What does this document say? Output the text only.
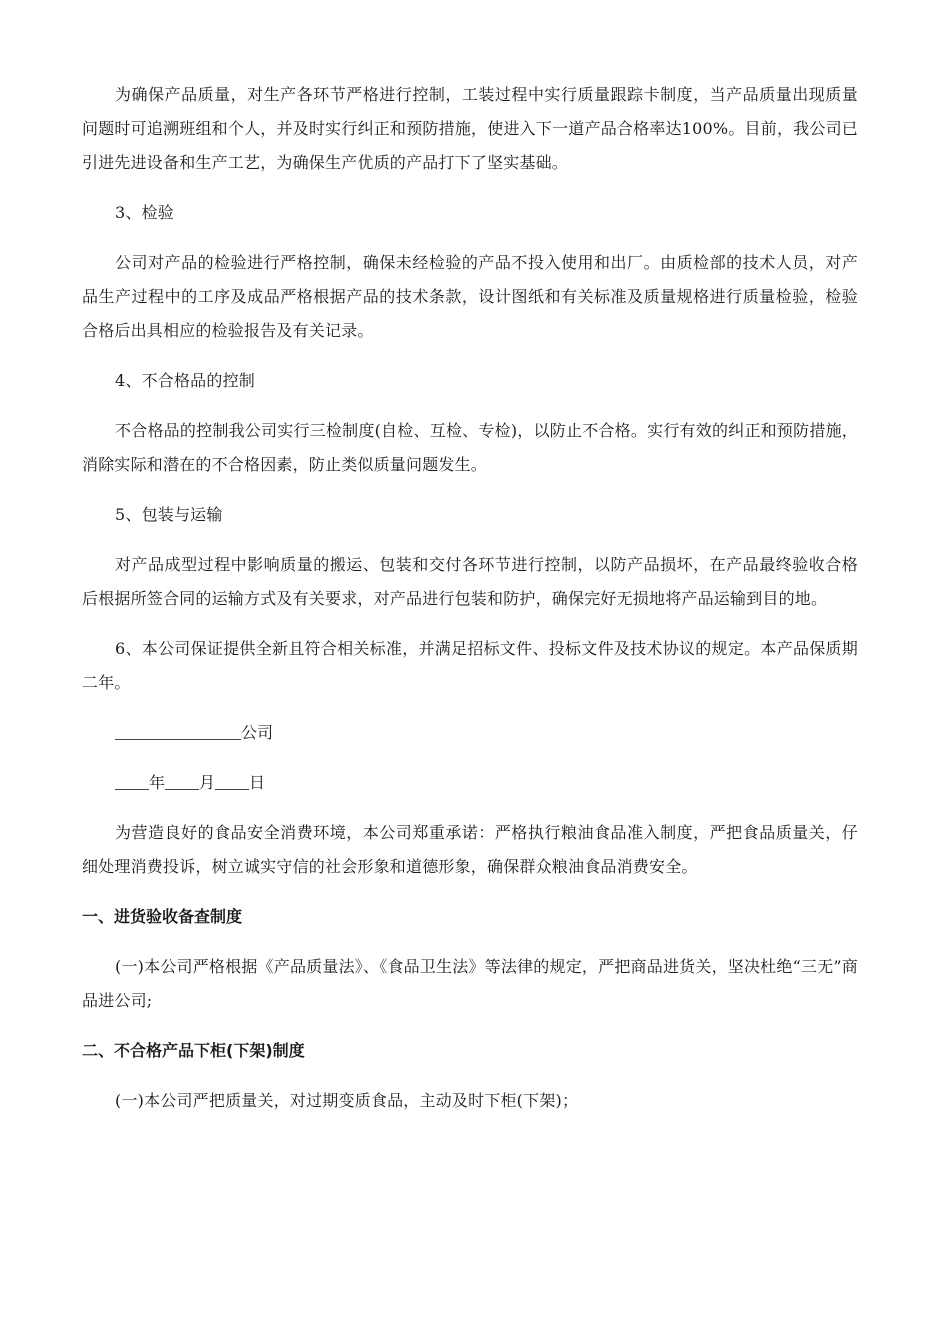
为确保产品质量，对生产各环节严格进行控制，工装过程中实行质量跟踪卡制度，当产品质量出现质量问题时可追溯班组和个人，并及时实行纠正和预防措施，使进入下一道产品合格率达100%。目前，我公司已引进先进设备和生产工艺，为确保生产优质的产品打下了坚实基础。

3、检验

公司对产品的检验进行严格控制，确保未经检验的产品不投入使用和出厂。由质检部的技术人员，对产品生产过程中的工序及成品严格根据产品的技术条款，设计图纸和有关标准及质量规格进行质量检验，检验合格后出具相应的检验报告及有关记录。

4、不合格品的控制

不合格品的控制我公司实行三检制度(自检、互检、专检)，以防止不合格。实行有效的纠正和预防措施，消除实际和潜在的不合格因素，防止类似质量问题发生。

5、包装与运输

对产品成型过程中影响质量的搬运、包装和交付各环节进行控制，以防产品损坏，在产品最终验收合格后根据所签合同的运输方式及有关要求，对产品进行包装和防护，确保完好无损地将产品运输到目的地。

6、本公司保证提供全新且符合相关标准，并满足招标文件、投标文件及技术协议的规定。本产品保质期二年。

公司
年 月 日

为营造良好的食品安全消费环境，本公司郑重承诺：严格执行粮油食品准入制度，严把食品质量关，仔细处理消费投诉，树立诚实守信的社会形象和道德形象，确保群众粮油食品消费安全。

一、进货验收备查制度

(一)本公司严格根据《产品质量法》、《食品卫生法》等法律的规定，严把商品进货关，坚决杜绝“三无”商品进公司;

二、不合格产品下柜(下架)制度

(一)本公司严把质量关，对过期变质食品，主动及时下柜(下架)；
